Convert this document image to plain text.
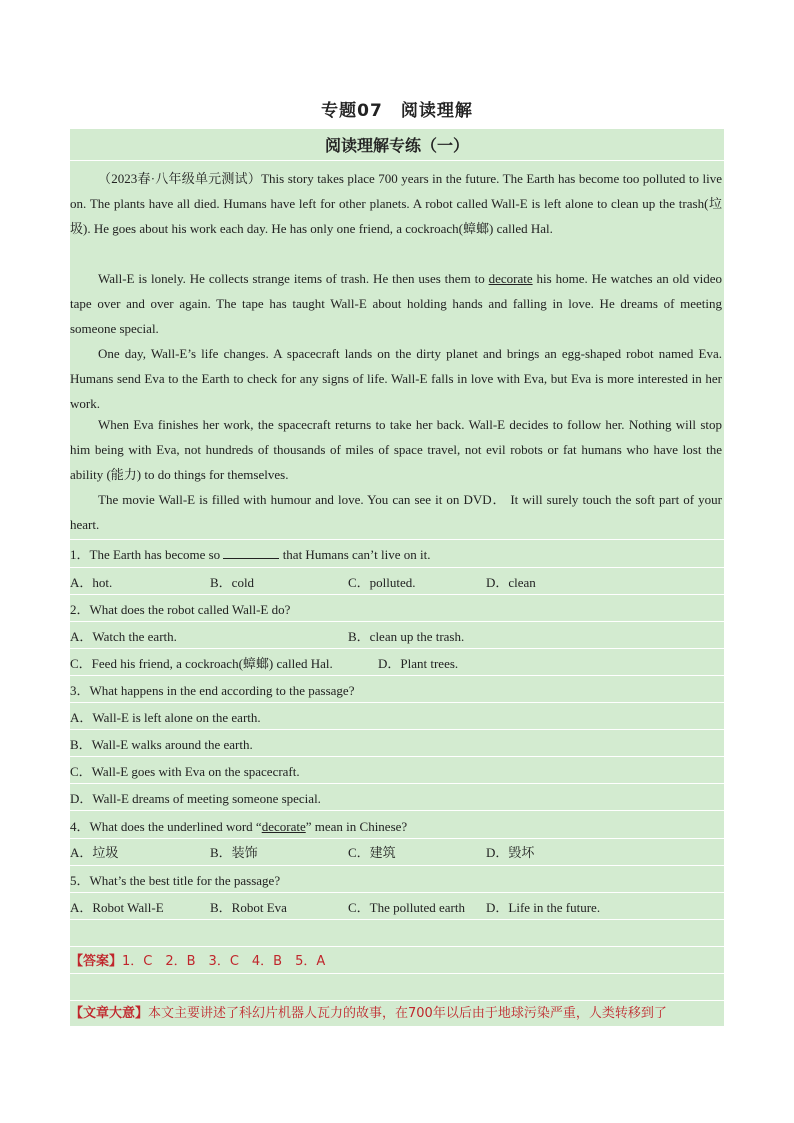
专题07　阅读理解
阅读理解专练（一）

（2023春·八年级单元测试）This story takes place 700 years in the future. The Earth has become too polluted to live on. The plants have all died. Humans have left for other planets. A robot called Wall-E is left alone to clean up the trash(垃圾). He goes about his work each day. He has only one friend, a cockroach(蟑螂) called Hal.

Wall-E is lonely. He collects strange items of trash. He then uses them to decorate his home. He watches an old video tape over and over again. The tape has taught Wall-E about holding hands and falling in love. He dreams of meeting someone special.

One day, Wall-E’s life changes. A spacecraft lands on the dirty planet and brings an egg-shaped robot named Eva. Humans send Eva to the Earth to check for any signs of life. Wall-E falls in love with Eva, but Eva is more interested in her work.

When Eva finishes her work, the spacecraft returns to take her back. Wall-E decides to follow her. Nothing will stop him being with Eva, not hundreds of thousands of miles of space travel, not evil robots or fat humans who have lost the ability (能力) to do things for themselves.

The movie Wall-E is filled with humour and love. You can see it on DVD． It will surely touch the soft part of your heart.

1．The Earth has become so	that Humans can’t live on it.
A．hot.	B．cold	C．polluted.	D．clean
2．What does the robot called Wall-E do?
A．Watch the earth.	B．clean up the trash.
C．Feed his friend, a cockroach(蟑螂) called Hal.	D．Plant trees.
3．What happens in the end according to the passage?
A．Wall-E is left alone on the earth.
B．Wall-E walks around the earth.
C．Wall-E goes with Eva on the spacecraft.
D．Wall-E dreams of meeting someone special.
4．What does the underlined word “decorate” mean in Chinese?
A．垃圾	B．装饰	C．建筑	D．毁坏
5．What’s the best title for the passage?
A．Robot Wall-E	B．Robot Eva	C．The polluted earth D．Life in the future.
【答案】1．C　2．B　3．C　4．B　5．A
【文章大意】本文主要讲述了科幻片机器人瓦力的故事，在700年以后由于地球污染严重，人类转移到了
